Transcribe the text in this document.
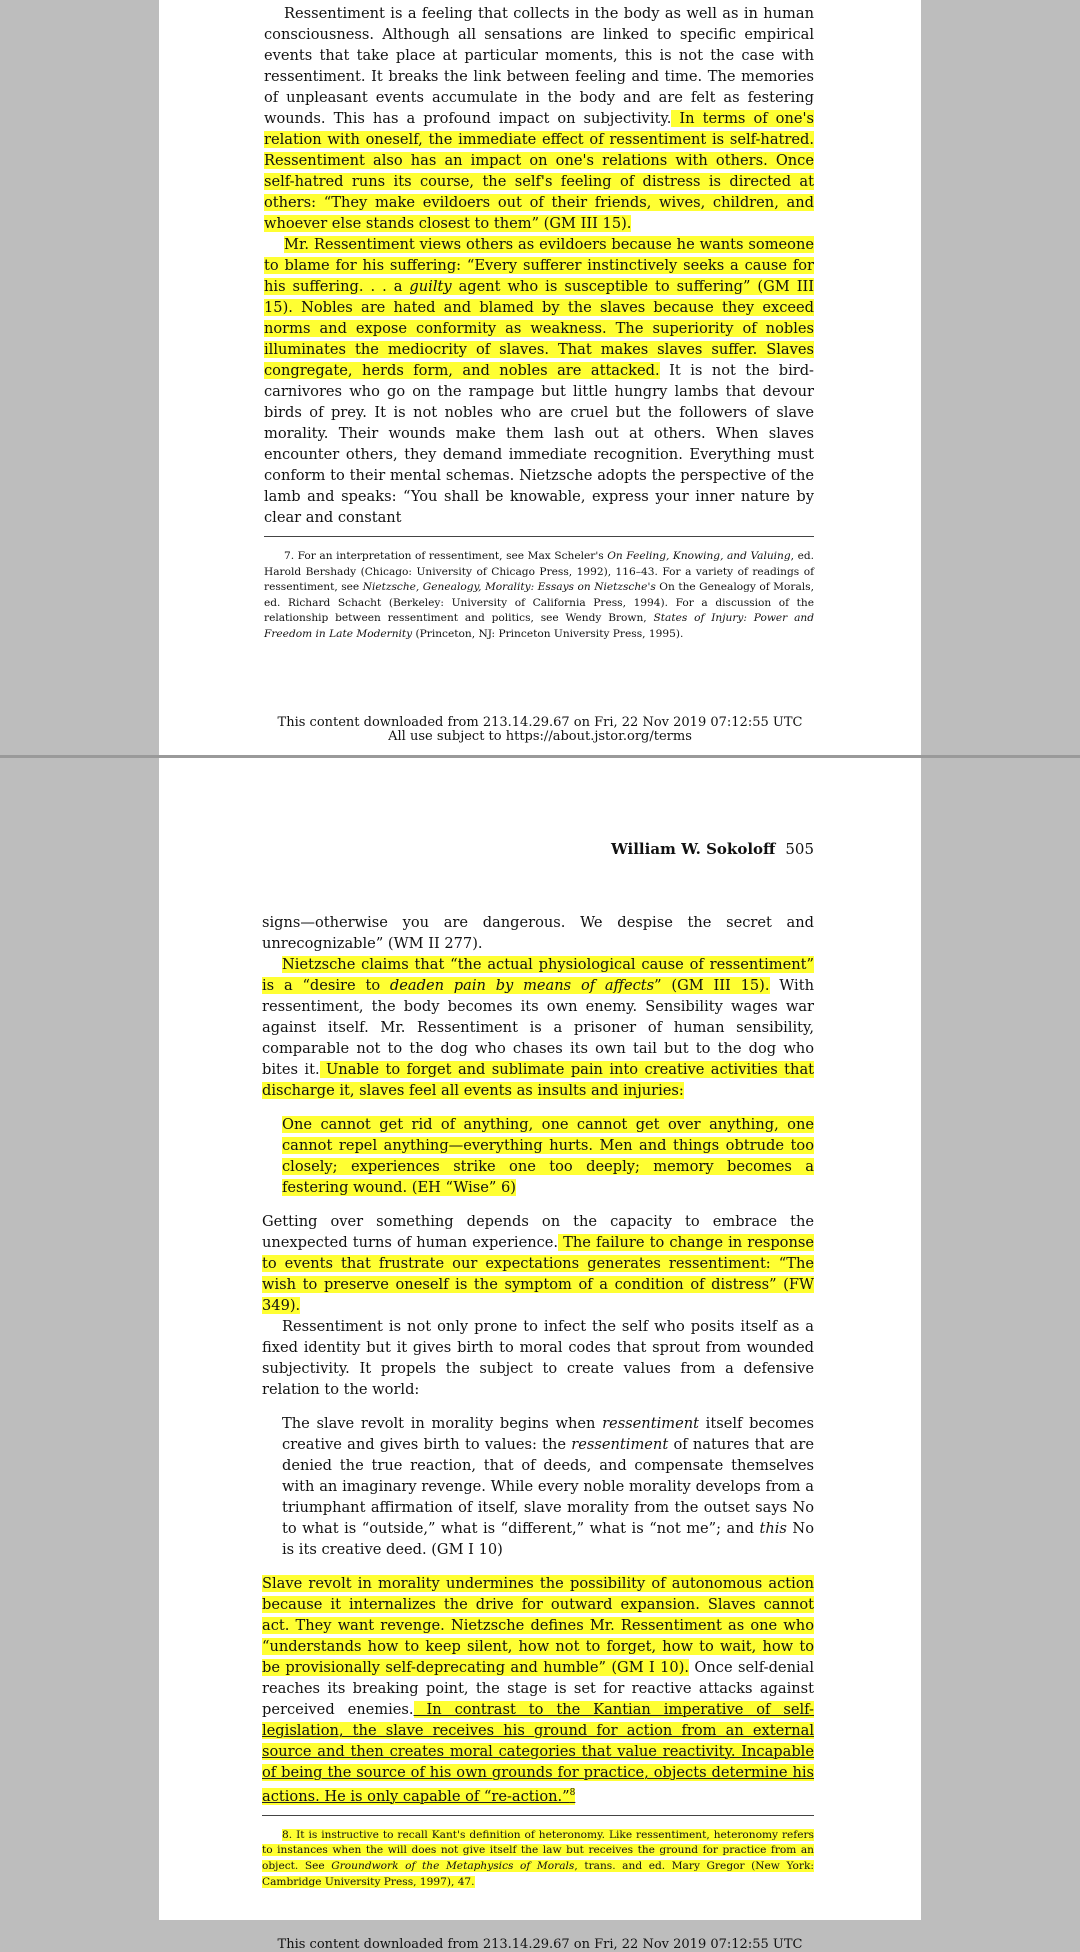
Ressentiment is a feeling that collects in the body as well as in human consciousness. Although all sensations are linked to specific empirical events that take place at particular moments, this is not the case with ressentiment. It breaks the link between feeling and time. The memories of unpleasant events accumulate in the body and are felt as festering wounds. This has a profound impact on subjectivity. In terms of one's relation with oneself, the immediate effect of ressentiment is self-hatred. Ressentiment also has an impact on one's relations with others. Once self-hatred runs its course, the self's feeling of distress is directed at others: “They make evildoers out of their friends, wives, children, and whoever else stands closest to them” (GM III 15).

Mr. Ressentiment views others as evildoers because he wants someone to blame for his suffering: “Every sufferer instinctively seeks a cause for his suffering. . . a guilty agent who is susceptible to suffering” (GM III 15). Nobles are hated and blamed by the slaves because they exceed norms and expose conformity as weakness. The superiority of nobles illuminates the mediocrity of slaves. That makes slaves suffer. Slaves congregate, herds form, and nobles are attacked. It is not the bird-carnivores who go on the rampage but little hungry lambs that devour birds of prey. It is not nobles who are cruel but the followers of slave morality. Their wounds make them lash out at others. When slaves encounter others, they demand immediate recognition. Everything must conform to their mental schemas. Nietzsche adopts the perspective of the lamb and speaks: “You shall be knowable, express your inner nature by clear and constant

7. For an interpretation of ressentiment, see Max Scheler's On Feeling, Knowing, and Valuing, ed. Harold Bershady (Chicago: University of Chicago Press, 1992), 116–43. For a variety of readings of ressentiment, see Nietzsche, Genealogy, Morality: Essays on Nietzsche's On the Genealogy of Morals, ed. Richard Schacht (Berkeley: University of California Press, 1994). For a discussion of the relationship between ressentiment and politics, see Wendy Brown, States of Injury: Power and Freedom in Late Modernity (Princeton, NJ: Princeton University Press, 1995).

This content downloaded from 213.14.29.67 on Fri, 22 Nov 2019 07:12:55 UTC
All use subject to https://about.jstor.org/terms
William W. Sokoloff 505

signs—otherwise you are dangerous. We despise the secret and unrecognizable” (WM II 277).

Nietzsche claims that “the actual physiological cause of ressentiment” is a “desire to deaden pain by means of affects” (GM III 15). With ressentiment, the body becomes its own enemy. Sensibility wages war against itself. Mr. Ressentiment is a prisoner of human sensibility, comparable not to the dog who chases its own tail but to the dog who bites it. Unable to forget and sublimate pain into creative activities that discharge it, slaves feel all events as insults and injuries:

One cannot get rid of anything, one cannot get over anything, one cannot repel anything—everything hurts. Men and things obtrude too closely; experiences strike one too deeply; memory becomes a festering wound. (EH “Wise” 6)

Getting over something depends on the capacity to embrace the unexpected turns of human experience. The failure to change in response to events that frustrate our expectations generates ressentiment: “The wish to preserve oneself is the symptom of a condition of distress” (FW 349).

Ressentiment is not only prone to infect the self who posits itself as a fixed identity but it gives birth to moral codes that sprout from wounded subjectivity. It propels the subject to create values from a defensive relation to the world:

The slave revolt in morality begins when ressentiment itself becomes creative and gives birth to values: the ressentiment of natures that are denied the true reaction, that of deeds, and compensate themselves with an imaginary revenge. While every noble morality develops from a triumphant affirmation of itself, slave morality from the outset says No to what is “outside,” what is “different,” what is “not me”; and this No is its creative deed. (GM I 10)

Slave revolt in morality undermines the possibility of autonomous action because it internalizes the drive for outward expansion. Slaves cannot act. They want revenge. Nietzsche defines Mr. Ressentiment as one who “understands how to keep silent, how not to forget, how to wait, how to be provisionally self-deprecating and humble” (GM I 10). Once self-denial reaches its breaking point, the stage is set for reactive attacks against perceived enemies. In contrast to the Kantian imperative of self-legislation, the slave receives his ground for action from an external source and then creates moral categories that value reactivity. Incapable of being the source of his own grounds for practice, objects determine his actions. He is only capable of “re-action.”$^8$

8. It is instructive to recall Kant's definition of heteronomy. Like ressentiment, heteronomy refers to instances when the will does not give itself the law but receives the ground for practice from an object. See Groundwork of the Metaphysics of Morals, trans. and ed. Mary Gregor (New York: Cambridge University Press, 1997), 47.

This content downloaded from 213.14.29.67 on Fri, 22 Nov 2019 07:12:55 UTC
